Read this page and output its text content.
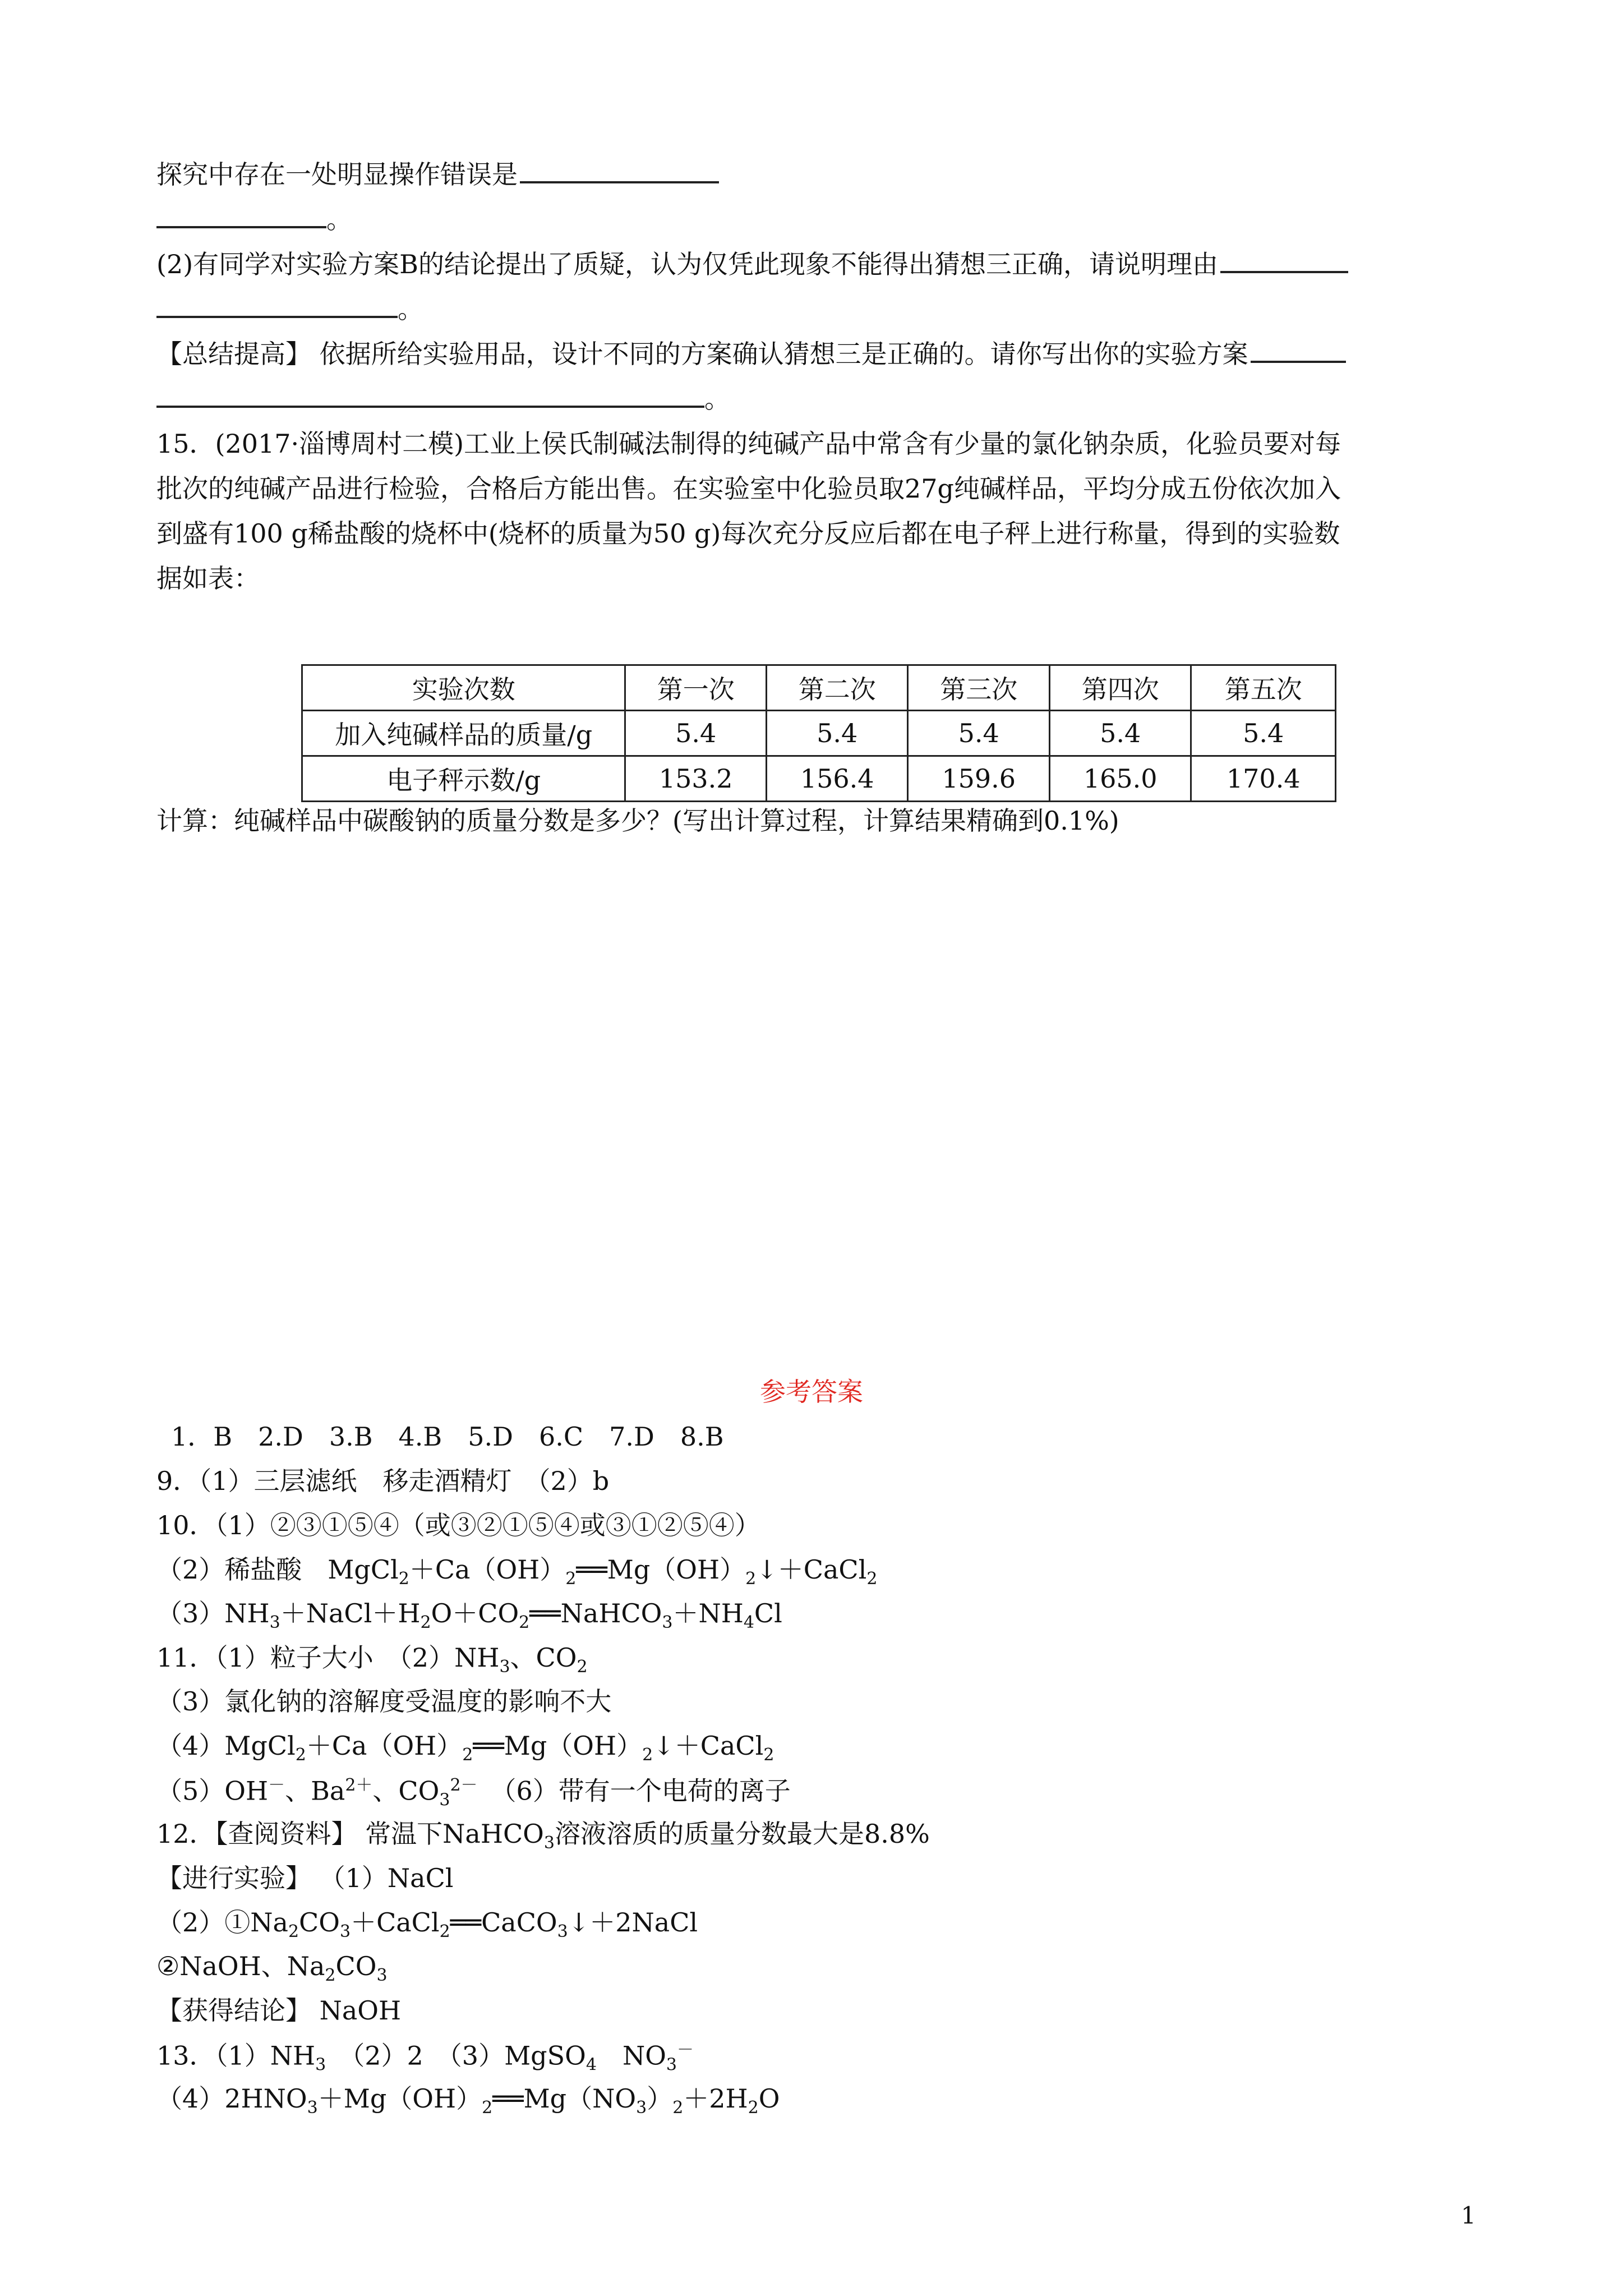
探究中存在一处明显操作错误是
。
(2)有同学对实验方案B的结论提出了质疑，认为仅凭此现象不能得出猜想三正确，请说明理由
。
【总结提高】 依据所给实验用品，设计不同的方案确认猜想三是正确的。请你写出你的实验方案
。
15．(2017·淄博周村二模)工业上侯氏制碱法制得的纯碱产品中常含有少量的氯化钠杂质，化验员要对每
批次的纯碱产品进行检验，合格后方能出售。在实验室中化验员取27g纯碱样品，平均分成五份依次加入
到盛有100 g稀盐酸的烧杯中(烧杯的质量为50 g)每次充分反应后都在电子秤上进行称量，得到的实验数
据如表：
实验次数	第一次	第二次	第三次	第四次	第五次
加入纯碱样品的质量/g	5.4	5.4	5.4	5.4	5.4
电子秤示数/g	153.2	156.4	159.6	165.0	170.4
计算：纯碱样品中碳酸钠的质量分数是多少？(写出计算过程，计算结果精确到0.1%)
参考答案
1．B　2.D　3.B　4.B　5.D　6.C　7.D　8.B
9．（1）三层滤纸　移走酒精灯　（2）b
10．（1）②③①⑤④（或③②①⑤④或③①②⑤④）
（2）稀盐酸　$MgCl_2+Ca(OH)_2══Mg(OH)_2↓+CaCl_2$
$(3)NH_3+NaCl+H_2O+CO_2══NaHCO_3+NH_4Cl$
11．（1）粒子大小　$(2)NH_3$、$CO_2$
（3）氯化钠的溶解度受温度的影响不大
$(4)MgCl_2+Ca(OH)_2══Mg(OH)_2↓+CaCl_2$
（5）OH－、$Ba^{2+}$、$CO_3^{2-}$　（6）带有一个电荷的离子
12．【查阅资料】 常温下NaHCO$_3$溶液溶质的质量分数最大是8.8%
【进行实验】 （1）NaCl
$(2)①Na_2CO_3+CaCl_2══CaCO_3↓+2NaCl$
②NaOH、$Na_2CO_3$
【获得结论】 NaOH
13．$(1)NH_3$　（2）2　（3）MgSO$_4$　$NO_3^-$
$(4)2HNO_3+Mg(OH)_2══Mg(NO_3)_2+2H_2O$
1
